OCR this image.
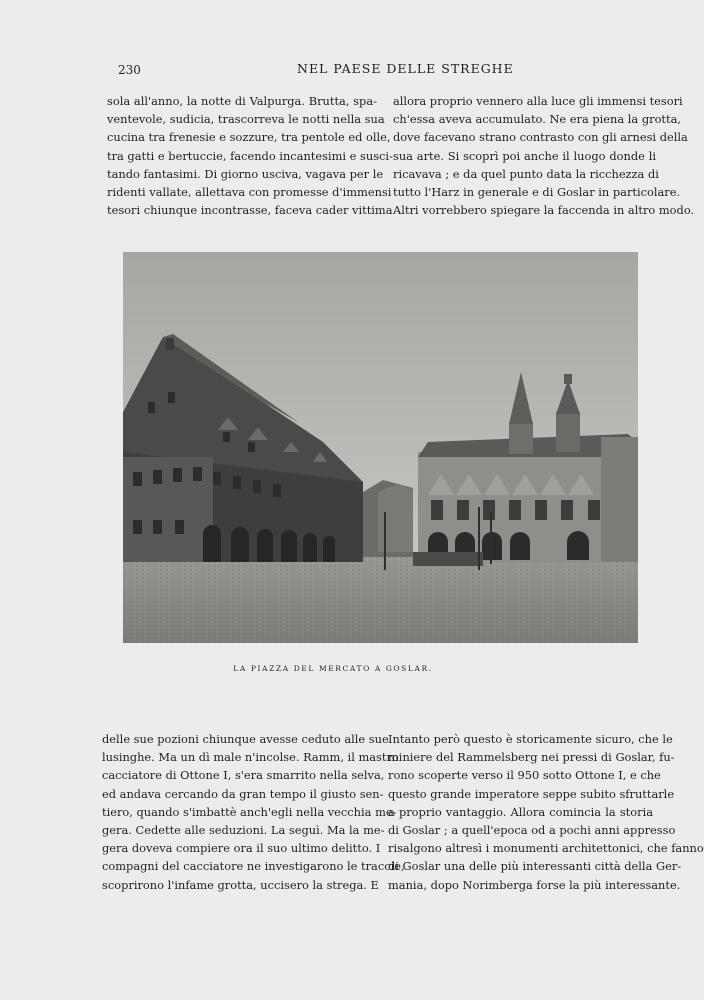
230	NEL PAESE DELLE STREGHE
sola all'anno, la notte di Valpurga. Brutta, spa-
ventevole, sudicia, trascorreva le notti nella sua
cucina tra frenesie e sozzure, tra pentole ed olle,
tra gatti e bertuccie, facendo incantesimi e susci-
tando fantasimi. Di giorno usciva, vagava per le
ridenti vallate, allettava con promesse d'immensi
tesori chiunque incontrasse, faceva cader vittima
allora proprio vennero alla luce gli immensi tesori
ch'essa aveva accumulato. Ne era piena la grotta,
dove facevano strano contrasto con gli arnesi della
sua arte. Si scoprì poi anche il luogo donde li
ricavava ; e da quel punto data la ricchezza di
tutto l'Harz in generale e di Goslar in particolare.
Altri vorrebbero spiegare la faccenda in altro modo.
LA PIAZZA DEL MERCATO A GOSLAR.
delle sue pozioni chiunque avesse ceduto alle sue
lusinghe. Ma un dì male n'incolse. Ramm, il mastro
cacciatore di Ottone I, s'era smarrito nella selva,
ed andava cercando da gran tempo il giusto sen-
tiero, quando s'imbattè anch'egli nella vecchia me-
gera. Cedette alle seduzioni. La seguì. Ma la me-
gera doveva compiere ora il suo ultimo delitto. I
compagni del cacciatore ne investigarono le traccie,
scoprirono l'infame grotta, uccisero la strega. E
Intanto però questo è storicamente sicuro, che le
miniere del Rammelsberg nei pressi di Goslar, fu-
rono scoperte verso il 950 sotto Ottone I, e che
questo grande imperatore seppe subito sfruttarle
a proprio vantaggio. Allora comincia la storia
di Goslar ; a quell'epoca od a pochi anni appresso
risalgono altresì i monumenti architettonici, che fanno
di Goslar una delle più interessanti città della Ger-
mania, dopo Norimberga forse la più interessante.
